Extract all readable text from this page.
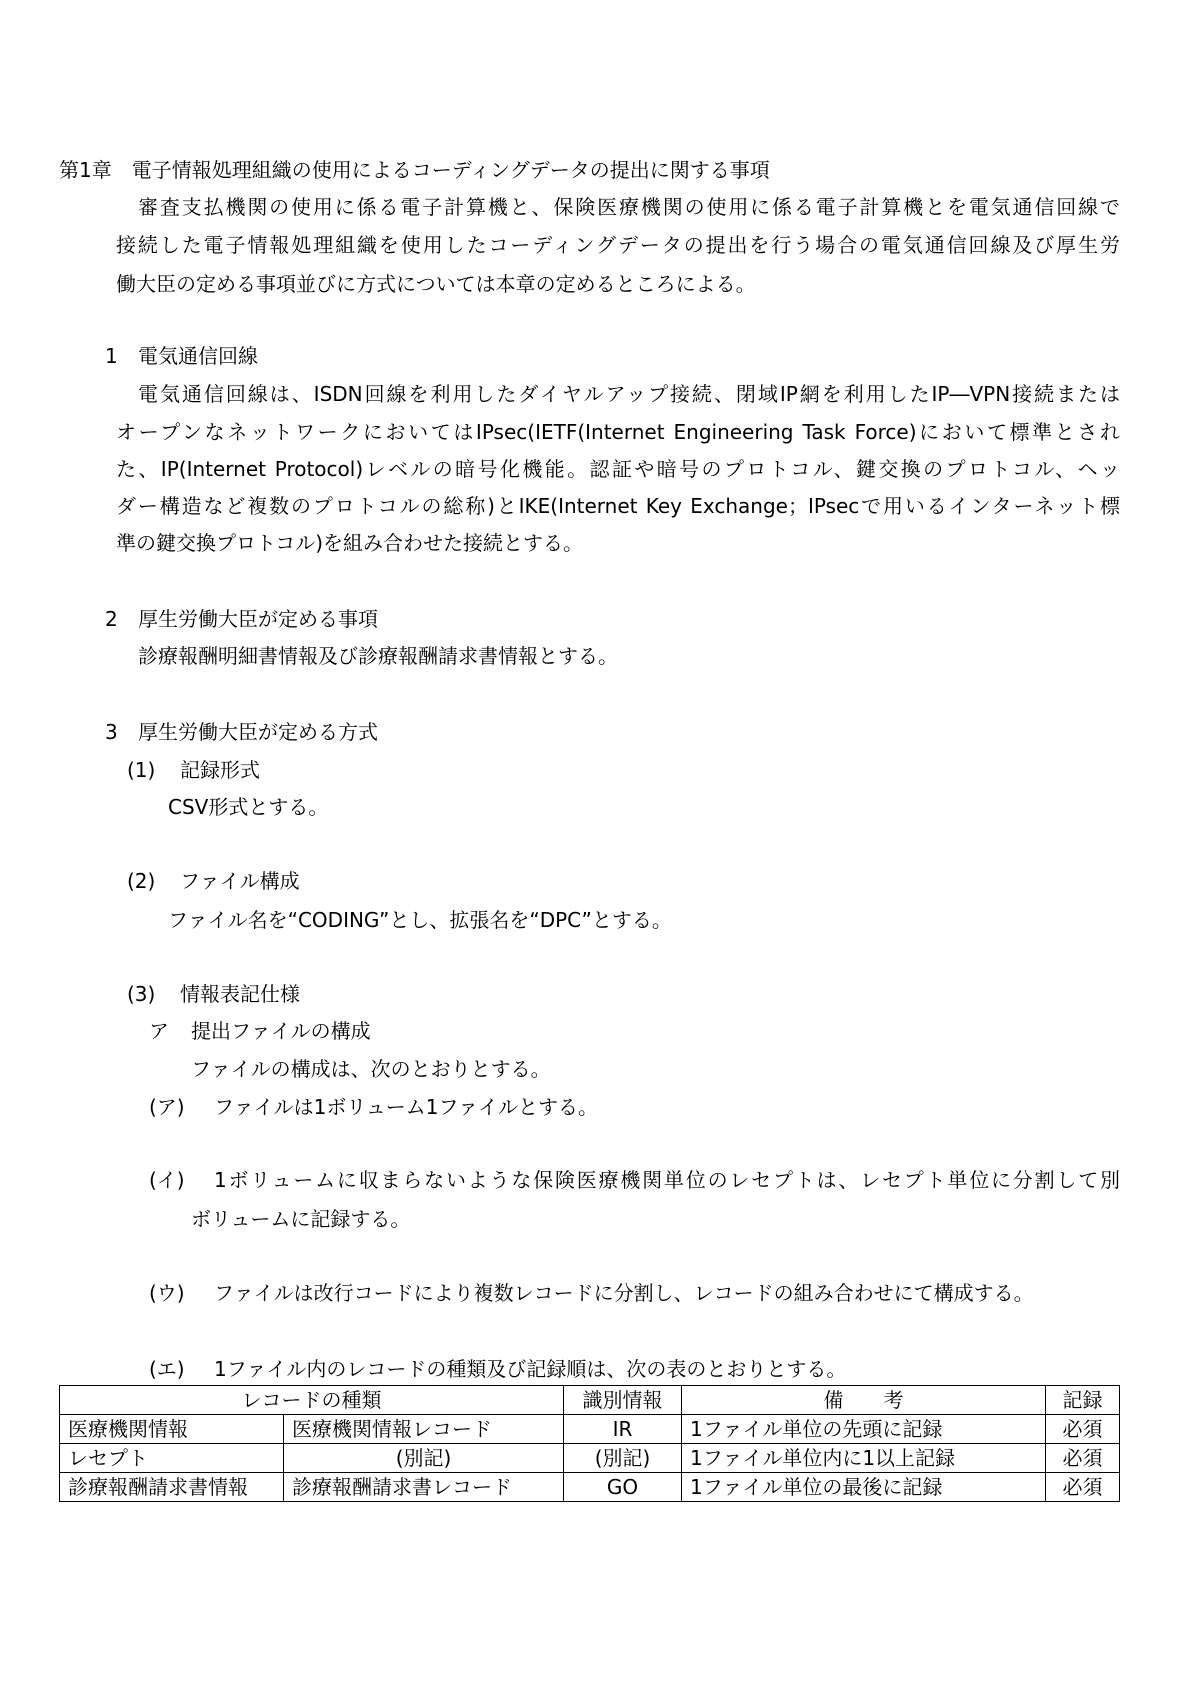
第1章　電子情報処理組織の使用によるコーディングデータの提出に関する事項
審査支払機関の使用に係る電子計算機と、保険医療機関の使用に係る電子計算機とを電気通信回線で
接続した電子情報処理組織を使用したコーディングデータの提出を行う場合の電気通信回線及び厚生労
働大臣の定める事項並びに方式については本章の定めるところによる。
1 電気通信回線
電気通信回線は、ISDN回線を利用したダイヤルアップ接続、閉域IP網を利用したIP―VPN接続または
オープンなネットワークにおいてはIPsec(IETF(Internet Engineering Task Force)において標準とされ
た、IP(Internet Protocol)レベルの暗号化機能。認証や暗号のプロトコル、鍵交換のプロトコル、ヘッ
ダー構造など複数のプロトコルの総称)とIKE(Internet Key Exchange；IPsecで用いるインターネット標
準の鍵交換プロトコル)を組み合わせた接続とする。
2 厚生労働大臣が定める事項
診療報酬明細書情報及び診療報酬請求書情報とする。
3 厚生労働大臣が定める方式
(1) 記録形式
CSV形式とする。
(2) ファイル構成
ファイル名を“CODING”とし、拡張名を“DPC”とする。
(3) 情報表記仕様
ア 提出ファイルの構成
ファイルの構成は、次のとおりとする。
(ア) ファイルは1ボリューム1ファイルとする。
(イ) 1ボリュームに収まらないような保険医療機関単位のレセプトは、レセプト単位に分割して別
ボリュームに記録する。
(ウ) ファイルは改行コードにより複数レコードに分割し、レコードの組み合わせにて構成する。
(エ) 1ファイル内のレコードの種類及び記録順は、次の表のとおりとする。
レコードの種類		識別情報	備　　考	記録
医療機関情報	医療機関情報レコード	IR	1ファイル単位の先頭に記録	必須
レセプト	(別記)	(別記)	1ファイル単位内に1以上記録	必須
診療報酬請求書情報	診療報酬請求書レコード	GO	1ファイル単位の最後に記録	必須
